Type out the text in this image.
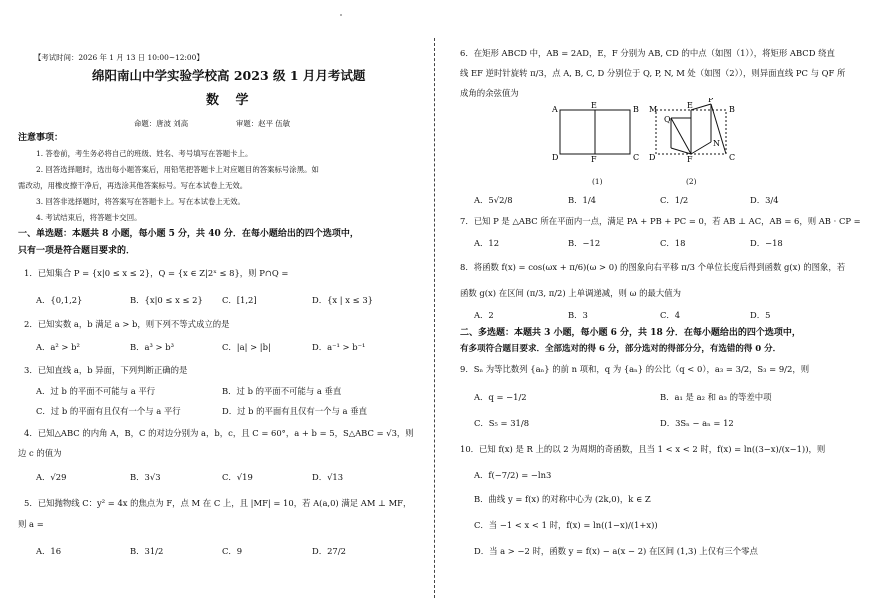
【考试时间：2026 年 1 月 13 日 10:00~12:00】
绵阳南山中学实验学校高 2023 级 1 月月考试题
数 学
命题：唐波 刘高	审题：赵平 伍敏
注意事项：
1. 答卷前，考生务必将自己的班级、姓名、考号填写在答题卡上。
2. 回答选择题时，选出每小题答案后，用铅笔把答题卡上对应题目的答案标号涂黑。如
需改动，用橡皮擦干净后，再选涂其他答案标号。写在本试卷上无效。
3. 回答非选择题时，将答案写在答题卡上。写在本试卷上无效。
4. 考试结束后，将答题卡交回。
一、单选题：本题共 8 小题，每小题 5 分，共 40 分．在每小题给出的四个选项中，
只有一项是符合题目要求的．
1．已知集合 P = {x|0 ≤ x ≤ 2}，Q = {x ∈ Z|2ˣ ≤ 8}，则 P∩Q =
A．{0,1,2}	B．{x|0 ≤ x ≤ 2} C．[1,2]	D．{x | x ≤ 3}
2．已知实数 a，b 满足 a > b，则下列不等式成立的是
A．a² > b²	B．a³ > b³	C．|a| > |b|	D．a⁻¹ > b⁻¹
3．已知直线 a，b 异面，下列判断正确的是
A．过 b 的平面不可能与 a 平行	B．过 b 的平面不可能与 a 垂直
C．过 b 的平面有且仅有一个与 a 平行	D．过 b 的平面有且仅有一个与 a 垂直
4．已知△ABC 的内角 A，B，C 的对边分别为 a，b，c，且 C = 60°，a + b = 5，S△ABC = √3，则
边 c 的值为
A．√29	B．3√3	C．√19	D．√13
5．已知抛物线 C：y² = 4x 的焦点为 F，点 M 在 C 上，且 |MF| = 10，若 A(a,0) 满足 AM ⊥ MF，
则 a =
A．16	B．31/2	C．9	D．27/2
6．在矩形 ABCD 中，AB = 2AD，E，F 分别为 AB, CD 的中点（如图（1）），将矩形 ABCD 绕直
线 EF 逆时针旋转 π/3，点 A, B, C, D 分别位于 Q, P, N, M 处（如图（2）），则异面直线 PC 与 QF 所
成角的余弦值为
A	E	B
D	F	C
M	E	B
P
Q
N
D	F	C
(1)	(2)
A．5√2/8	B．1/4	C．1/2	D．3/4
7．已知 P 是 △ABC 所在平面内一点，满足 PA + PB + PC = 0，若 AB ⊥ AC，AB = 6，则 AB · CP =
A．12	B．−12	C．18	D．−18
8．将函数 f(x) = cos(ωx + π/6)(ω > 0) 的图象向右平移 π/3 个单位长度后得到函数 g(x) 的图象，若
函数 g(x) 在区间 (π/3, π/2) 上单调递减，则 ω 的最大值为
A．2	B．3	C．4	D．5
二、多选题：本题共 3 小题，每小题 6 分，共 18 分．在每小题给出的四个选项中，
有多项符合题目要求．全部选对的得 6 分，部分选对的得部分分，有选错的得 0 分．
9．Sₙ 为等比数列 {aₙ} 的前 n 项和，q 为 {aₙ} 的公比（q < 0），a₃ = 3/2，S₃ = 9/2，则
A．q = −1/2	B．a₁ 是 a₂ 和 a₃ 的等差中项
C．S₅ = 31/8	D．3Sₙ − aₙ = 12
10．已知 f(x) 是 R 上的以 2 为周期的奇函数，且当 1 < x < 2 时，f(x) = ln((3−x)/(x−1))，则
A．f(−7/2) = −ln3
B．曲线 y = f(x) 的对称中心为 (2k,0)，k ∈ Z
C．当 −1 < x < 1 时，f(x) = ln((1−x)/(1+x))
D．当 a > −2 时，函数 y = f(x) − a(x − 2) 在区间 (1,3) 上仅有三个零点
